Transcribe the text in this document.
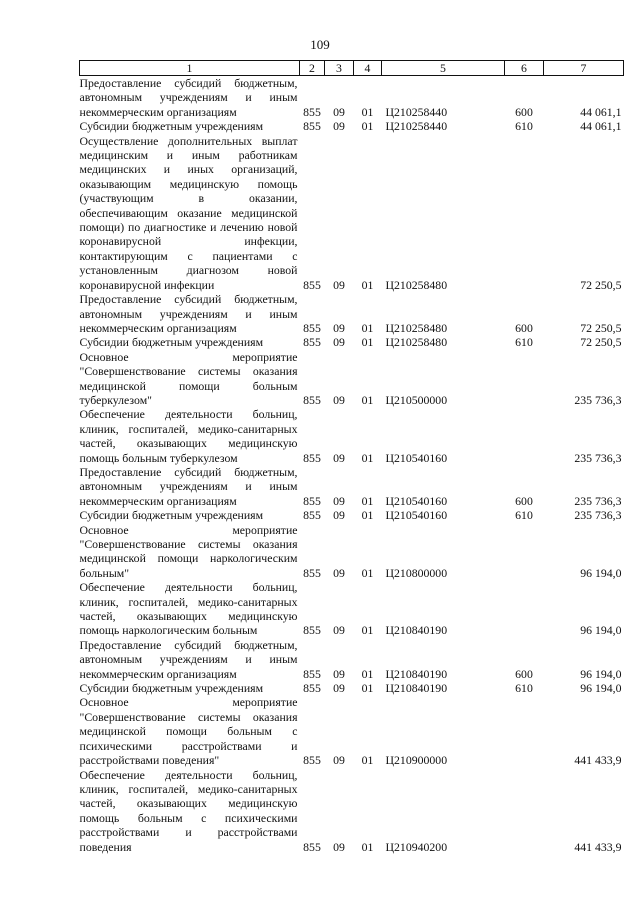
109
1	2	3	4	5	6	7
Предоставление субсидий бюджетным, автономным учреждениям и иным некоммерческим организациям	855	09	01	Ц210258440	600	44 061,1
Субсидии бюджетным учреждениям	855	09	01	Ц210258440	610	44 061,1
Осуществление дополнительных выплат медицинским и иным работникам медицинских и иных организаций, оказывающим медицинскую помощь (участвующим в оказании, обеспечивающим оказание медицинской помощи) по диагностике и лечению новой коронавирусной инфекции, контактирующим с пациентами с установленным диагнозом новой коронавирусной инфекции	855	09	01	Ц210258480		72 250,5
Предоставление субсидий бюджетным, автономным учреждениям и иным некоммерческим организациям	855	09	01	Ц210258480	600	72 250,5
Субсидии бюджетным учреждениям	855	09	01	Ц210258480	610	72 250,5
Основное мероприятие "Совершенствование системы оказания медицинской помощи больным туберкулезом"	855	09	01	Ц210500000		235 736,3
Обеспечение деятельности больниц, клиник, госпиталей, медико-санитарных частей, оказывающих медицинскую помощь больным туберкулезом	855	09	01	Ц210540160		235 736,3
Предоставление субсидий бюджетным, автономным учреждениям и иным некоммерческим организациям	855	09	01	Ц210540160	600	235 736,3
Субсидии бюджетным учреждениям	855	09	01	Ц210540160	610	235 736,3
Основное мероприятие "Совершенствование системы оказания медицинской помощи наркологическим больным"	855	09	01	Ц210800000		96 194,0
Обеспечение деятельности больниц, клиник, госпиталей, медико-санитарных частей, оказывающих медицинскую помощь наркологическим больным	855	09	01	Ц210840190		96 194,0
Предоставление субсидий бюджетным, автономным учреждениям и иным некоммерческим организациям	855	09	01	Ц210840190	600	96 194,0
Субсидии бюджетным учреждениям	855	09	01	Ц210840190	610	96 194,0
Основное мероприятие "Совершенствование системы оказания медицинской помощи больным с психическими расстройствами и расстройствами поведения"	855	09	01	Ц210900000		441 433,9
Обеспечение деятельности больниц, клиник, госпиталей, медико-санитарных частей, оказывающих медицинскую помощь больным с психическими расстройствами и расстройствами поведения	855	09	01	Ц210940200		441 433,9
